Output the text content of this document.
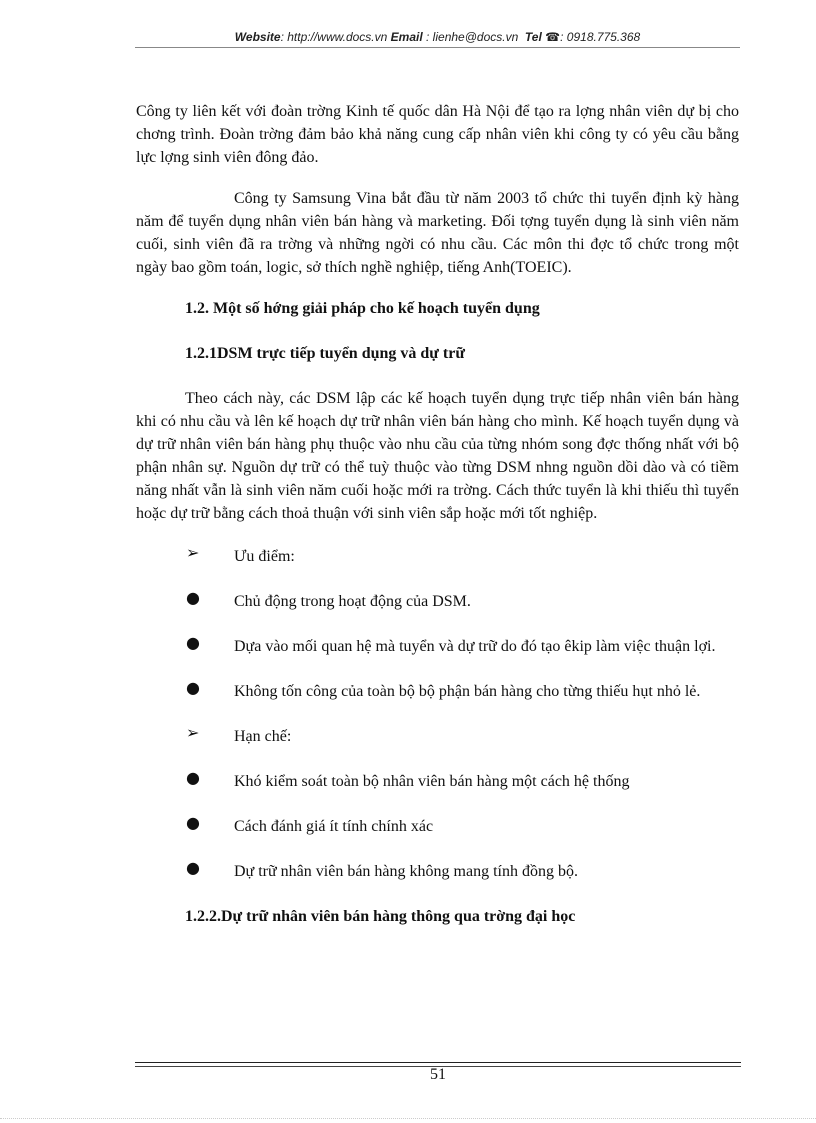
Website: http://www.docs.vn Email : lienhe@docs.vn Tel ☎: 0918.775.368

Công ty liên kết với đoàn trờng Kinh tế quốc dân Hà Nội để tạo ra lợng nhân viên dự bị cho chơng trình. Đoàn trờng đảm bảo khả năng cung cấp nhân viên khi công ty có yêu cầu bằng lực lợng sinh viên đông đảo.

Công ty Samsung Vina bắt đầu từ năm 2003 tổ chức thi tuyển định kỳ hàng năm để tuyển dụng nhân viên bán hàng và marketing. Đối tợng tuyển dụng là sinh viên năm cuối, sinh viên đã ra trờng và những ngời có nhu cầu. Các môn thi đợc tổ chức trong một ngày bao gồm toán, logic, sở thích nghề nghiệp, tiếng Anh(TOEIC).

1.2. Một số hớng giải pháp cho kế hoạch tuyển dụng
1.2.1DSM trực tiếp tuyển dụng và dự trữ

Theo cách này, các DSM lập các kế hoạch tuyển dụng trực tiếp nhân viên bán hàng khi có nhu cầu và lên kế hoạch dự trữ nhân viên bán hàng cho mình. Kế hoạch tuyển dụng và dự trữ nhân viên bán hàng phụ thuộc vào nhu cầu của từng nhóm song đợc thống nhất với bộ phận nhân sự. Nguồn dự trữ có thể tuỳ thuộc vào từng DSM nhng nguồn dồi dào và có tiềm năng nhất vẫn là sinh viên năm cuối hoặc mới ra trờng. Cách thức tuyển là khi thiếu thì tuyển hoặc dự trữ bằng cách thoả thuận với sinh viên sắp hoặc mới tốt nghiệp.

➢ Ưu điểm:
● Chủ động trong hoạt động của DSM.
● Dựa vào mối quan hệ mà tuyển và dự trữ do đó tạo êkip làm việc thuận lợi.
● Không tốn công của toàn bộ bộ phận bán hàng cho từng thiếu hụt nhỏ lẻ.
➢ Hạn chế:
● Khó kiểm soát toàn bộ nhân viên bán hàng một cách hệ thống
● Cách đánh giá ít tính chính xác
● Dự trữ nhân viên bán hàng không mang tính đồng bộ.
1.2.2.Dự trữ nhân viên bán hàng thông qua trờng đại học
51
